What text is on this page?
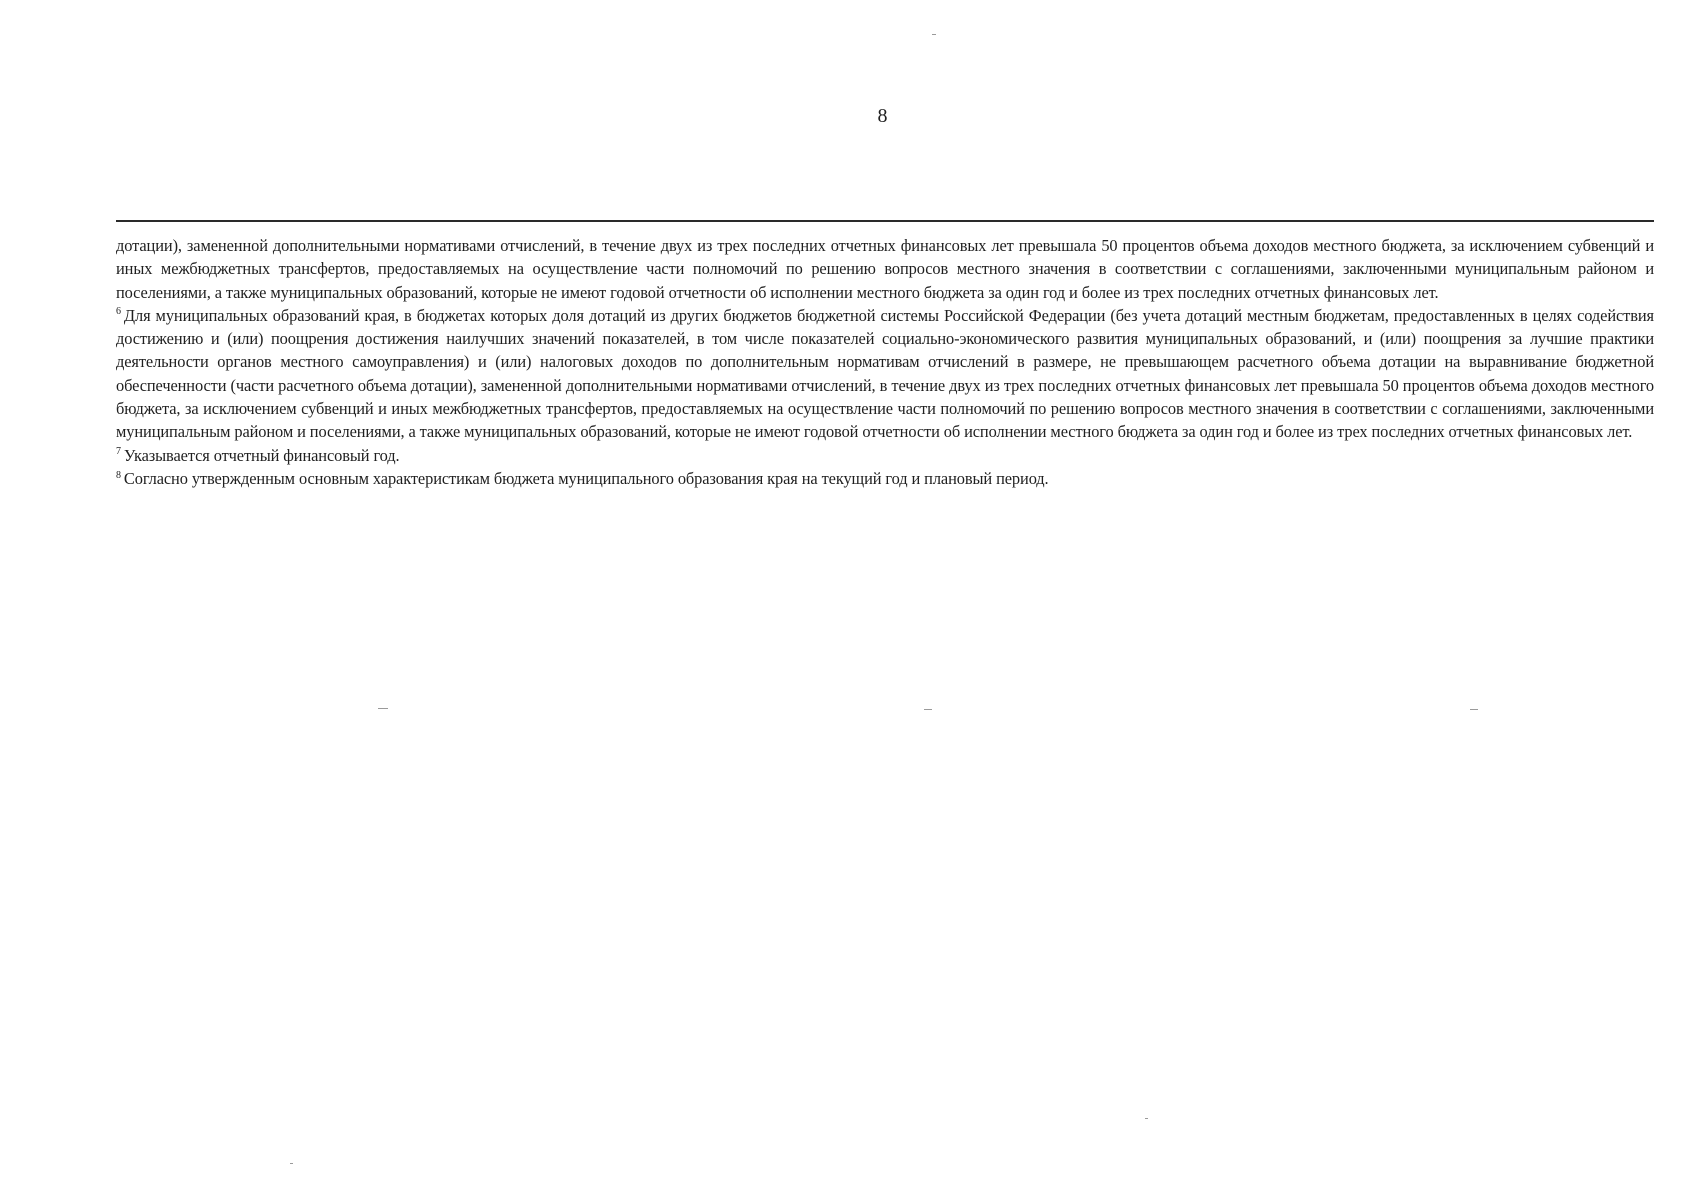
8

дотации), замененной дополнительными нормативами отчислений, в течение двух из трех последних отчетных финансовых лет превышала 50 процентов объема доходов местного бюджета, за исключением субвенций и иных межбюджетных трансфертов, предоставляемых на осуществление части полномочий по решению вопросов местного значения в соответствии с соглашениями, заключенными муниципальным районом и поселениями, а также муниципальных образований, которые не имеют годовой отчетности об исполнении местного бюджета за один год и более из трех последних отчетных финансовых лет.

$^6$ Для муниципальных образований края, в бюджетах которых доля дотаций из других бюджетов бюджетной системы Российской Федерации (без учета дотаций местным бюджетам, предоставленных в целях содействия достижению и (или) поощрения достижения наилучших значений показателей, в том числе показателей социально-экономического развития муниципальных образований, и (или) поощрения за лучшие практики деятельности органов местного самоуправления) и (или) налоговых доходов по дополнительным нормативам отчислений в размере, не превышающем расчетного объема дотации на выравнивание бюджетной обеспеченности (части расчетного объема дотации), замененной дополнительными нормативами отчислений, в течение двух из трех последних отчетных финансовых лет превышала 50 процентов объема доходов местного бюджета, за исключением субвенций и иных межбюджетных трансфертов, предоставляемых на осуществление части полномочий по решению вопросов местного значения в соответствии с соглашениями, заключенными муниципальным районом и поселениями, а также муниципальных образований, которые не имеют годовой отчетности об исполнении местного бюджета за один год и более из трех последних отчетных финансовых лет.

$^7$ Указывается отчетный финансовый год.

$^8$ Согласно утвержденным основным характеристикам бюджета муниципального образования края на текущий год и плановый период.
